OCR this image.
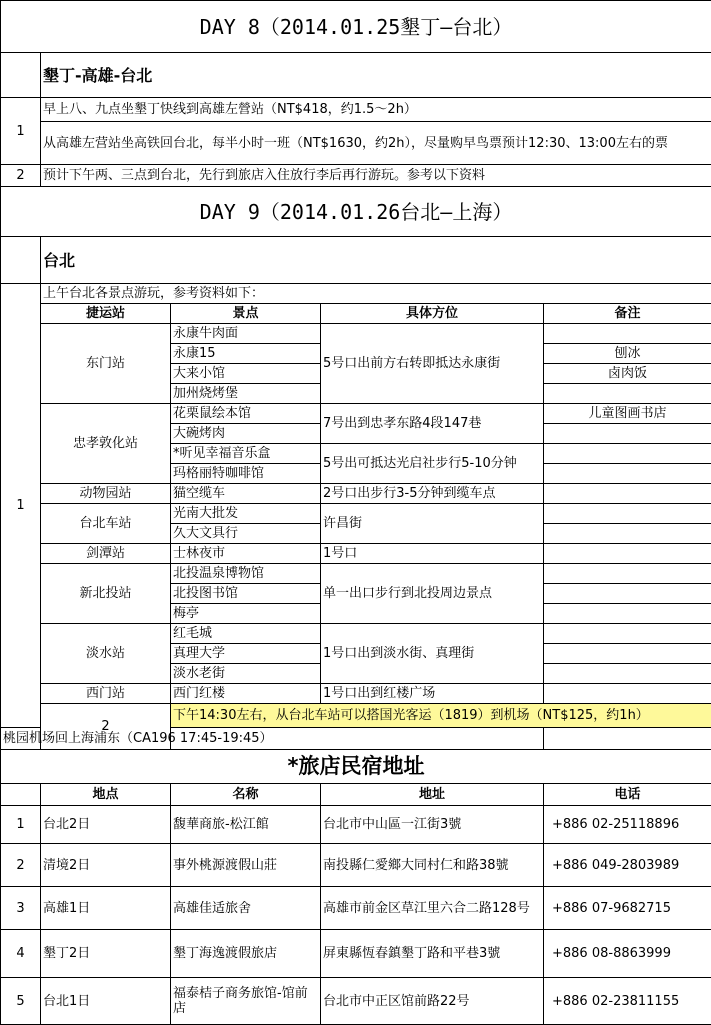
DAY 8（2014.01.25墾丁—台北）				
	墾丁-高雄-台北			
1	早上八、九点坐墾丁快线到高雄左營站（NT$418，约1.5～2h）			
	从高雄左营站坐高铁回台北，每半小时一班（NT$1630，约2h），尽量购早鸟票预计12:30、13:00左右的票			
2	预计下午两、三点到台北，先行到旅店入住放行李后再行游玩。参考以下资料			
DAY 9（2014.01.26台北—上海）				
	台北			
1	上午台北各景点游玩，参考资料如下：			
	捷运站	景点	具体方位	备注
	东门站	永康牛肉面	5号口出前方右转即抵达永康街	
		永康15		刨冰
		大来小馆		卤肉饭
		加州烧烤堡		
	忠孝敦化站	花栗鼠绘本馆	7号出到忠孝东路4段147巷	儿童图画书店
		大碗烤肉		
		*听见幸福音乐盒	5号出可抵达光启社步行5-10分钟	
		玛格丽特咖啡馆		
	动物园站	猫空缆车	2号口出步行3-5分钟到缆车点	
	台北车站	光南大批发	许昌街	
		久大文具行		
	剑潭站	士林夜市	1号口	
	新北投站	北投温泉博物馆	单一出口步行到北投周边景点	
		北投图书馆		
		梅亭		
	淡水站	红毛城	1号口出到淡水街、真理街	
		真理大学		
		淡水老街		
	西门站	西门红楼	1号口出到红楼广场	
	2	下午14:30左右，从台北车站可以搭国光客运（1819）到机场（NT$125，约1h）		
桃园机场回上海浦东（CA196 17:45-19:45）				
*旅店民宿地址				
	地点	名称	地址	电话
1	台北2日	馥華商旅-松江館	台北市中山區一江街3號	+886 02-25118896
2	清境2日	事外桃源渡假山莊	南投縣仁愛鄉大同村仁和路38號	+886 049-2803989
3	高雄1日	高雄佳适旅舍	高雄市前金区草江里六合二路128号	+886 07-9682715
4	墾丁2日	墾丁海逸渡假旅店	屏東縣恆春鎮墾丁路和平巷3號	+886 08-8863999
5	台北1日	福泰桔子商务旅馆-馆前店	台北市中正区馆前路22号	+886 02-23811155
